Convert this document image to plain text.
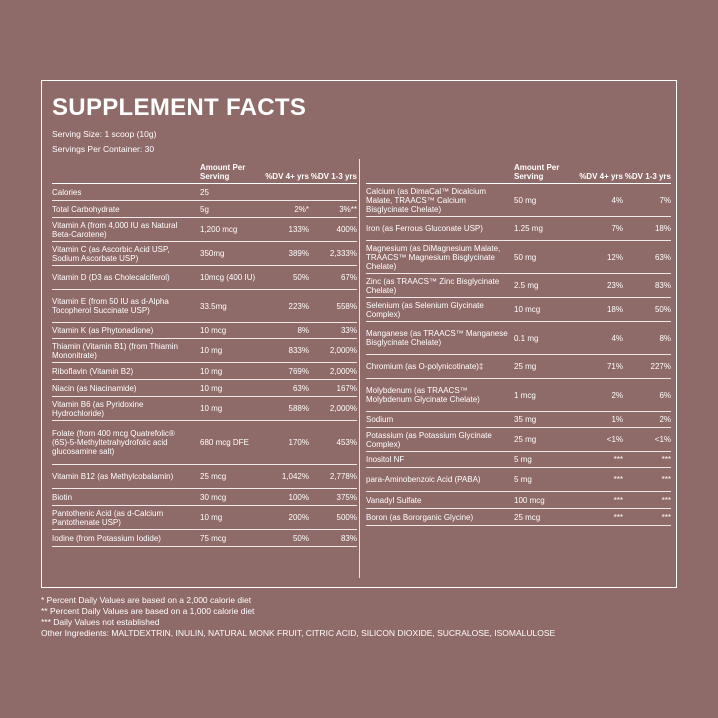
SUPPLEMENT FACTS
Serving Size: 1 scoop (10g)
Servings Per Container: 30
Amount Per Serving	%DV 4+ yrs %DV 1-3 yrs
Calories	25
Total Carbohydrate	5g	2%*	3%**
Vitamin A (from 4,000 IU as Natural Beta-Carotene)	1,200 mcg	133%	400%
Vitamin C (as Ascorbic Acid USP, Sodium Ascorbate USP)	350mg	389%	2,333%
Vitamin D (D3 as Cholecalciferol)	10mcg (400 IU)	50%	67%
Vitamin E (from 50 IU as d-Alpha Tocopherol Succinate USP)	33.5mg	223%	558%
Vitamin K (as Phytonadione)	10 mcg	8%	33%
Thiamin (Vitamin B1) (from Thiamin Mononitrate)	10 mg	833%	2,000%
Riboflavin (Vitamin B2)	10 mg	769%	2,000%
Niacin (as Niacinamide)	10 mg	63%	167%
Vitamin B6 (as Pyridoxine Hydrochloride)	10 mg	588%	2,000%
Folate (from 400 mcg Quatrefolic® (6S)-5-Methyltetrahydrofolic acid glucosamine salt)
680 mcg DFE	170%	453%
Vitamin B12 (as Methylcobalamin)	25 mcg	1,042%	2,778%
Biotin	30 mcg	100%	375%
Pantothenic Acid (as d-Calcium Pantothenate USP)	10 mg	200%	500%
Iodine (from Potassium Iodide)	75 mcg	50%	83%
Amount Per Serving	%DV 4+ yrs %DV 1-3 yrs
Calcium (as DimaCal™ Dicalcium Malate, TRAACS™ Calcium Bisglycinate Chelate)
50 mg	4%	7%
Iron (as Ferrous Gluconate USP)	1.25 mg	7%	18%
Magnesium (as DiMagnesium Malate, TRAACS™ Magnesium Bisglycinate Chelate)
50 mg	12%	63%
Zinc (as TRAACS™ Zinc Bisglycinate Chelate)	2.5 mg	23%	83%
Selenium (as Selenium Glycinate Complex)	10 mcg	18%	50%
Manganese (as TRAACS™ Manganese Bisglycinate Chelate)	0.1 mg	4%	8%
Chromium (as O-polynicotinate)‡	25 mg	71%	227%
Molybdenum (as TRAACS™ Molybdenum Glycinate Chelate)	1 mcg	2%	6%
Sodium	35 mg	1%	2%
Potassium (as Potassium Glycinate Complex)	25 mg	<1%	<1%
Inositol NF	5 mg	***	***
para-Aminobenzoic Acid (PABA)	5 mg	***	***
Vanadyl Sulfate	100 mcg	***	***
Boron (as Bororganic Glycine)	25 mcg	***	***
* Percent Daily Values are based on a 2,000 calorie diet
** Percent Daily Values are based on a 1,000 calorie diet
*** Daily Values not established
Other Ingredients: MALTDEXTRIN, INULIN, NATURAL MONK FRUIT, CITRIC ACID, SILICON DIOXIDE, SUCRALOSE, ISOMALULOSE
